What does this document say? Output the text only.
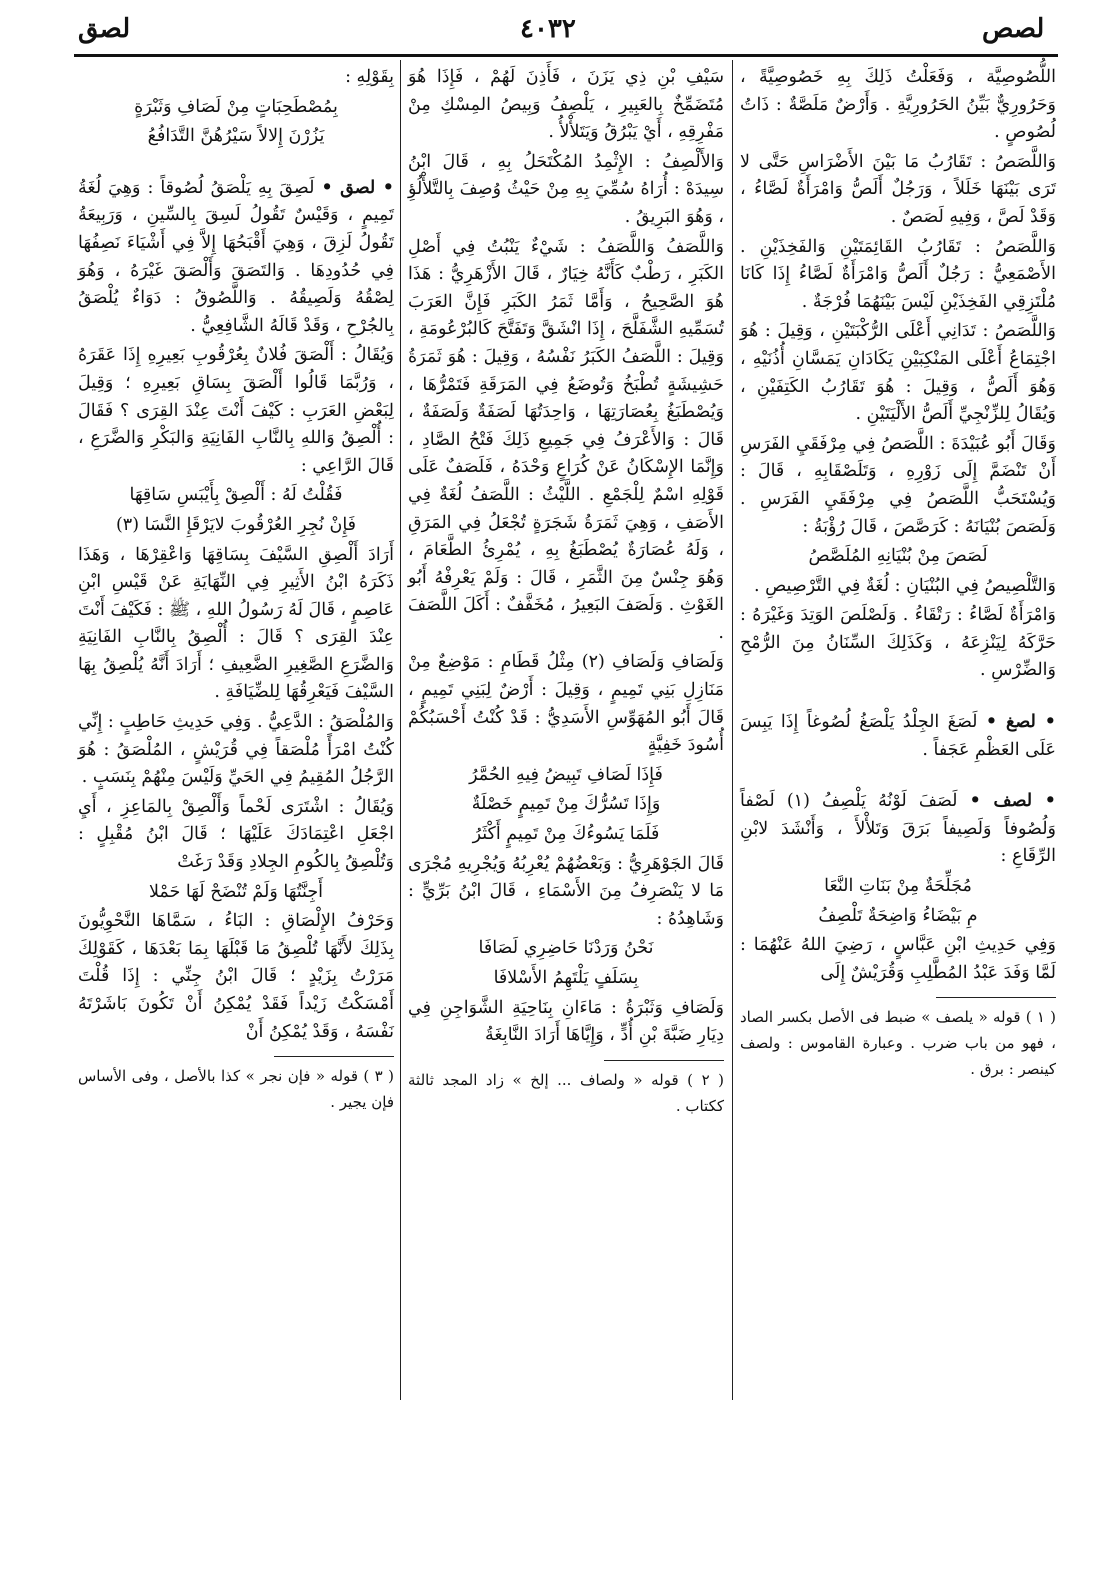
لصق	٤٠٣٢	لصص

اللُّصُوصِيَّة ، وَفَعَلْتُ ذَلِكَ بِهِ خَصُوصِيَّةً ، وَحَرُورِيٌّ بَيِّنُ الحَرُورِيَّةِ . وَأَرْضٌ مَلَصَّةٌ : ذَاتُ لُصُوصٍ .

وَاللَّصَصُ : تَقَارُبُ مَا بَيْنَ الأَضْرَاسِ حَتَّى لا تَرَى بَيْنَهَا خَلَلاً ، وَرَجُلٌ أَلَصُّ وَامْرَأَةٌ لَصَّاءُ ، وَقَدْ لَصَّ ، وَفِيهِ لَصَصٌ .

وَاللَّصَصُ : تَقَارُبُ القَائِمَتَيْنِ وَالفَخِذَيْنِ . الأَصْمَعِيُّ : رَجُلٌ أَلَصُّ وَامْرَأَةٌ لَصَّاءُ إِذَا كَانَا مُلْتَزِقِي الفَخِذَيْنِ لَيْسَ بَيْنَهُمَا فُرْجَةٌ .

وَاللَّصَصُ : تَدَانِي أَعْلَى الرُّكْبَتَيْنِ ، وَقِيلَ : هُوَ اجْتِمَاعُ أَعْلَى المَنْكِبَيْنِ يَكَادَانِ يَمَسَّانِ أُذُنَيْهِ ، وَهُوَ أَلَصُّ ، وَقِيلَ : هُوَ تَقَارُبُ الكَتِفَيْنِ ، وَيُقَالُ لِلزِّنْجِيِّ أَلَصُّ الأَلْيَتَيْنِ .

وَقَالَ أَبُو عُبَيْدَةَ : اللَّصَصُ فِي مِرْفَقَيِ الفَرَسِ أَنْ تَنْضَمَّ إِلَى زَوْرِهِ ، وَتَلَصْقَابِهِ ، قَالَ : وَيُسْتَحَبُّ اللَّصَصُ فِي مِرْفَقَيِ الفَرَسِ . وَلَصَصَ بُنْيَانَهُ : كَرَصَّصَ ، قَالَ رُؤْبَةُ :

لَصَصَ مِنْ بُنْيَانِهِ المُلَصَّصُ

وَالتَّلْصِيصُ فِي البُنْيَانِ : لُغَةٌ فِي التَّرْصِيصِ .

وَامْرَأَةٌ لَصَّاءُ : رَتْقَاءُ . وَلَصْلَصَ الوَتِدَ وَغَيْرَهُ : حَرَّكَهُ لِيَنْزِعَهُ ، وَكَذَلِكَ السِّنَانُ مِنَ الرُّمْحِ وَالضِّرْسِ .

• لصغ • لَصَغَ الجِلْدُ يَلْصَغُ لُصُوغاً إِذَا يَبِسَ عَلَى العَظْمِ عَجَفاً .

• لصف • لَصَفَ لَوْنُهُ يَلْصِفُ (١) لَصْفاً وَلُصُوفاً وَلَصِيفاً بَرَقَ وَتَلأْلأَ ، وَأَنْشَدَ لابْنِ الرِّقَاعِ :

مُجَلِّحَةٌ مِنْ بَنَاتِ النَّعَا

مِ بَيْضَاءُ وَاضِحَةٌ تَلْصِفُ

وَفِي حَدِيثِ ابْنِ عَبَّاسٍ ، رَضِيَ اللهُ عَنْهُمَا : لَمَّا وَفَدَ عَبْدُ المُطَّلِبِ وَقُرَيْشٌ إِلَى

( ١ ) قوله « يلصف » ضبط فى الأصل بكسر الصاد ، فهو من باب ضرب . وعبارة القاموس : ولصف كينصر : برق .

سَيْفِ بْنِ ذِي يَزَنَ ، فَأَذِنَ لَهُمْ ، فَإِذَا هُوَ مُتَضَمِّخٌ بِالعَبِيرِ ، يَلْصِفُ وَبِيصُ المِسْكِ مِنْ مَفْرِقِهِ ، أَيْ يَبْرُقُ وَيَتَلأْلأُ .

وَالأَلْصِفُ : الإِثْمِدُ المُكْتَحَلُ بِهِ ، قَالَ ابْنُ سِيدَهْ : أُرَاهُ سُمِّيَ بِهِ مِنْ حَيْثُ وُصِفَ بِالتَّلأْلُؤِ ، وَهُوَ البَرِيقُ .

وَاللَّصَفُ وَاللَّصَفُ : شَيْءٌ يَنْبُتُ فِي أَصْلِ الكَبَرِ ، رَطْبٌ كَأَنَّهُ خِيَارٌ ، قَالَ الأَزْهَرِيُّ : هَذَا هُوَ الصَّحِيحُ ، وَأَمَّا ثَمَرُ الكَبَرِ فَإِنَّ العَرَبَ تُسَمِّيهِ الشَّفَلَّحَ ، إِذَا انْشَقَّ وَتَفَتَّحَ كَالبُرْعُومَةِ ، وَقِيلَ : اللَّصَفُ الكَبَرُ نَفْسُهُ ، وَقِيلَ : هُوَ ثَمَرَةُ حَشِيشَةٍ تُطْبَخُ وَتُوضَعُ فِي المَرَقَةِ فَتَمْرُّهَا ، وَيُصْطَبَغُ بِعُصَارَتِهَا ، وَاحِدَتُهَا لَصَفَةٌ وَلَصَفَةٌ ، قَالَ : وَالأَعْرَفُ فِي جَمِيعِ ذَلِكَ فَتْحُ الصَّادِ ، وَإِنَّمَا الإِسْكَانُ عَنْ كُرَاعٍ وَحْدَهُ ، فَلَصَفٌ عَلَى قَوْلِهِ اسْمٌ لِلْجَمْعِ . اللَّيْثُ : اللَّصَفُ لُغَةٌ فِي الأَصَفِ ، وَهِيَ ثَمَرَةُ شَجَرَةٍ تُجْعَلُ فِي المَرَقِ ، وَلَهُ عُصَارَةٌ يُصْطَبَغُ بِهِ ، يُمْرِئُ الطَّعَامَ ، وَهُوَ جِنْسٌ مِنَ الثَّمَرِ ، قَالَ : وَلَمْ يَعْرِفْهُ أَبُو الغَوْثِ . وَلَصَفَ البَعِيرُ ، مُخَفَّفٌ : أَكَلَ اللَّصَفَ .

وَلَصَافِ وَلَصَافِ (٢) مِثْلُ قَطَامِ : مَوْضِعٌ مِنْ مَنَازِلِ بَنِي تَمِيمٍ ، وَقِيلَ : أَرْضٌ لِبَنِي تَمِيمٍ ، قَالَ أَبُو المُهَوِّسِ الأَسَدِيُّ : قَدْ كُنْتُ أَحْسَبُكُمْ أُسُودَ خَفِيَّةٍ

فَإِذَا لَصَافِ تَبِيضُ فِيهِ الحُمَّرُ

وَإِذَا تَسُرُّكَ مِنْ تَمِيمٍ خَصْلَةٌ

فَلَمَا يَسُوءُكَ مِنْ تَمِيمٍ أَكْثَرُ

قَالَ الجَوْهَرِيُّ : وَبَعْضُهُمْ يُعْرِبُهُ وَيُجْرِيهِ مُجْرَى مَا لا يَنْصَرِفُ مِنَ الأَسْمَاءِ ، قَالَ ابْنُ بَرِّيٍّ : وَشَاهِدُهُ :

نَحْنُ وَرَدْنَا حَاضِرِي لَصَافَا

بِسَلَفٍ يَلْتَهِمُ الأَسْلافَا

وَلَصَافِ وَثَبْرَةُ : مَاءَانِ بِنَاحِيَةِ الشَّوَاجِنِ فِي دِيَارِ ضَبَّةَ بْنِ أُدٍّ ، وَإِيَّاهَا أَرَادَ النَّابِغَةُ

( ٢ ) قوله « ولصاف ... إلخ » زاد المجد ثالثة ككتاب .

بِقَوْلِهِ :

بِمُصْطَحِبَاتٍ مِنْ لَصَافِ وَثَبْرَةٍ

يَزُرْنَ إِلالاً سَيْرُهُنَّ التَّدَافُعُ

• لصق • لَصِقَ بِهِ يَلْصَقُ لُصُوقاً : وَهِيَ لُغَةُ تَمِيمٍ ، وَقَيْسٌ تَقُولُ لَسِقَ بِالسِّينِ ، وَرَبِيعَةُ تَقُولُ لَزِقَ ، وَهِيَ أَقْبَحُهَا إِلاَّ فِي أَشْيَاءَ نَصِفُهَا فِي حُدُودِهَا . وَالتَصَقَ وَأَلْصَقَ غَيْرَهُ ، وَهُوَ لِصْقُهُ وَلَصِيقُهُ . وَاللَّصُوقُ : دَوَاءٌ يُلْصَقُ بِالجُرْحِ ، وَقَدْ قَالَهُ الشَّافِعِيُّ .

وَيُقَالُ : أَلْصَقَ فُلانٌ بِعُرْقُوبِ بَعِيرِهِ إِذَا عَقَرَهُ ، وَرُبَّمَا قَالُوا أَلْصَقَ بِسَاقِ بَعِيرِهِ ؛ وَقِيلَ لِبَعْضِ العَرَبِ : كَيْفَ أَنْتَ عِنْدَ القِرَى ؟ فَقَالَ : أُلْصِقُ وَاللهِ بِالنَّابِ الفَانِيَةِ وَالبَكْرِ وَالضَّرَعِ ، قَالَ الرَّاعِي :

فَقُلْتُ لَهُ : أَلْصِقْ بِأَيْبَسِ سَاقِهَا

فَإِنْ نُجِرِ العُرْقُوبَ لايَرْقَإِ النَّسَا (٣)

أَرَادَ أَلْصِقِ السَّيْفَ بِسَاقِهَا وَاعْقِرْهَا ، وَهَذَا ذَكَرَهُ ابْنُ الأَثِيرِ فِي النِّهَايَةِ عَنْ قَيْسِ ابْنِ عَاصِمٍ ، قَالَ لَهُ رَسُولُ اللهِ ، ﷺ : فَكَيْفَ أَنْتَ عِنْدَ القِرَى ؟ قَالَ : أُلْصِقُ بِالنَّابِ الفَانِيَةِ وَالضَّرَعِ الصَّغِيرِ الضَّعِيفِ ؛ أَرَادَ أَنَّهُ يُلْصِقُ بِهَا السَّيْفَ فَيَعْرِقُهَا لِلضِّيَافَةِ .

وَالمُلْصَقُ : الدَّعِيُّ . وَفِي حَدِيثِ حَاطِبٍ : إِنِّي كُنْتُ امْرَأً مُلْصَقاً فِي قُرَيْشٍ ، المُلْصَقُ : هُوَ الرَّجُلُ المُقِيمُ فِي الحَيِّ وَلَيْسَ مِنْهُمْ بِنَسَبٍ .

وَيُقَالُ : اشْتَرَى لَحْماً وَأَلْصِقْ بِالمَاعِزِ ، أَيِ اجْعَلِ اعْتِمَادَكَ عَلَيْهَا ؛ قَالَ ابْنُ مُقْبِلٍ : وَتُلْصِقُ بِالكُومِ الجِلادِ وَقَدْ رَغَتْ

أَجِنَّتُهَا وَلَمْ تُنْضَحْ لَهَا حَمْلا

وَحَرْفُ الإِلْصَاقِ : البَاءُ ، سَمَّاهَا النَّحْوِيُّونَ بِذَلِكَ لأَنَّهَا تُلْصِقُ مَا قَبْلَهَا بِمَا بَعْدَهَا ، كَقَوْلِكَ مَرَرْتُ بِزَيْدٍ ؛ قَالَ ابْنُ جِنِّي : إِذَا قُلْتَ أَمْسَكْتُ زَيْداً فَقَدْ يُمْكِنُ أَنْ تَكُونَ بَاشَرْتَهُ نَفْسَهُ ، وَقَدْ يُمْكِنُ أَنْ

( ٣ ) قوله « فإن نجر » كذا بالأصل ، وفى الأساس فإن يجير .
